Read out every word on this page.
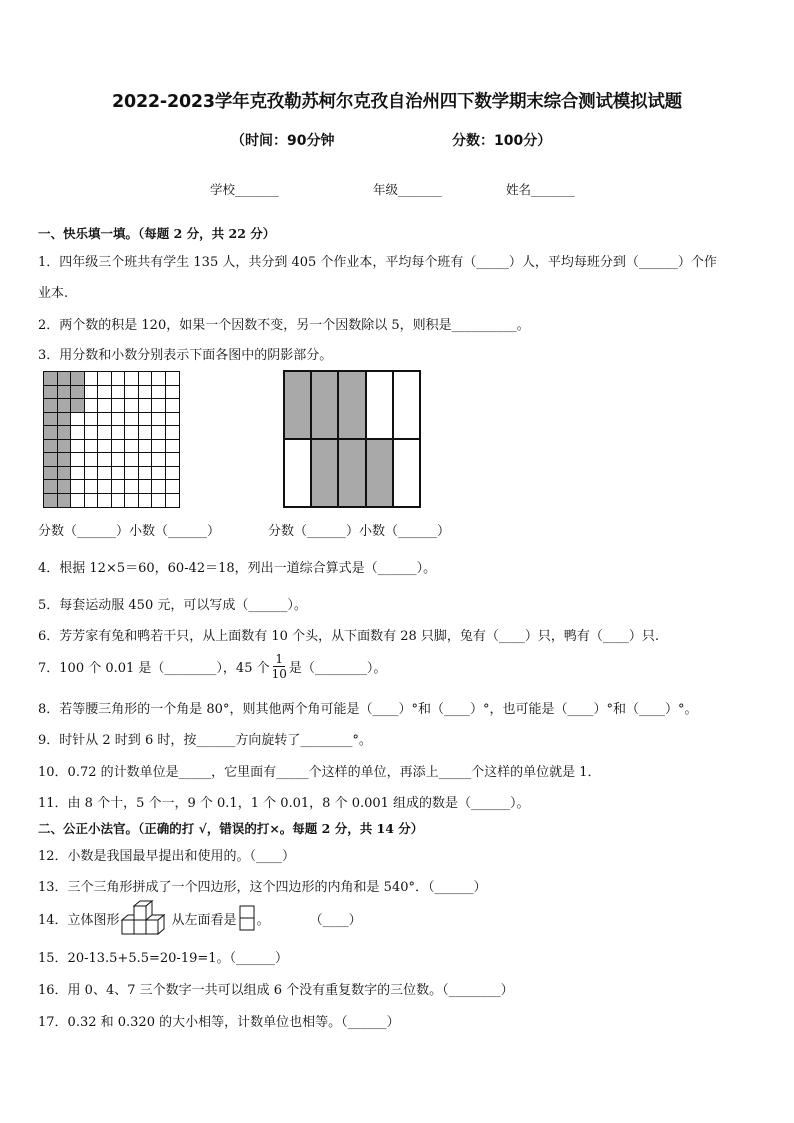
2022-2023学年克孜勒苏柯尔克孜自治州四下数学期末综合测试模拟试题
（时间：90分钟	分数：100分）
学校_______	年级_______	姓名_______
一、快乐填一填。（每题 2 分，共 22 分）
1．四年级三个班共有学生 135 人，共分到 405 个作业本，平均每个班有（_____）人，平均每班分到（______）个作
业本.
2．两个数的积是 120，如果一个因数不变，另一个因数除以 5，则积是__________。
3．用分数和小数分别表示下面各图中的阴影部分。
分数（______）小数（______）	分数（______）小数（______）
4．根据 12×5＝60，60-42＝18，列出一道综合算式是（______）。
5．每套运动服 450 元，可以写成（______）。
6．芳芳家有兔和鸭若干只，从上面数有 10 个头，从下面数有 28 只脚，兔有（____）只，鸭有（____）只.
7．100 个 0.01 是（________），45 个 $\frac{1}{10}$ 是（________）。
8．若等腰三角形的一个角是 80°，则其他两个角可能是（____）°和（____）°，也可能是（____）°和（____）°。
9．时针从 2 时到 6 时，按______方向旋转了________°。
10．0.72 的计数单位是_____，它里面有_____个这样的单位，再添上_____个这样的单位就是 1．
11．由 8 个十，5 个一，9 个 0.1，1 个 0.01，8 个 0.001 组成的数是（______）。
二、公正小法官。（正确的打 √，错误的打×。每题 2 分，共 14 分）
12．小数是我国最早提出和使用的。（____）
13．三个三角形拼成了一个四边形，这个四边形的内角和是 540°．（______）
14．立体图形	从左面看是 。	（____）
15．20-13.5+5.5=20-19=1。（______）
16．用 0、4、7 三个数字一共可以组成 6 个没有重复数字的三位数。（________）
17．0.32 和 0.320 的大小相等，计数单位也相等。（______）
